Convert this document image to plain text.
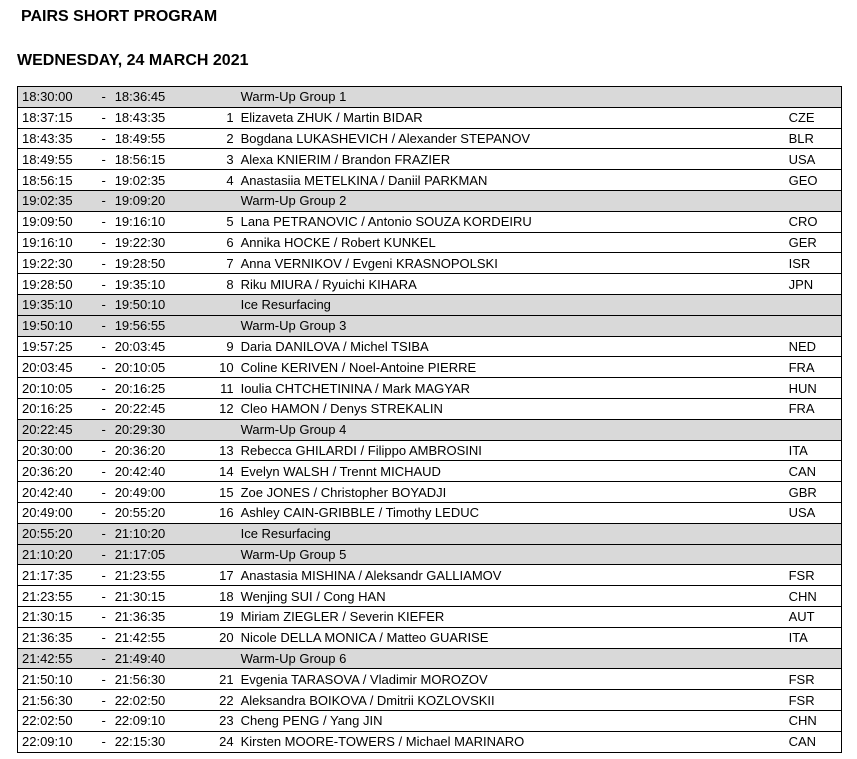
PAIRS SHORT PROGRAM
WEDNESDAY, 24 MARCH 2021
18:30:00	-	18:36:45		Warm-Up Group 1	
18:37:15	-	18:43:35	1	Elizaveta ZHUK / Martin BIDAR	CZE
18:43:35	-	18:49:55	2	Bogdana LUKASHEVICH / Alexander STEPANOV	BLR
18:49:55	-	18:56:15	3	Alexa KNIERIM / Brandon FRAZIER	USA
18:56:15	-	19:02:35	4	Anastasiia METELKINA / Daniil PARKMAN	GEO
19:02:35	-	19:09:20		Warm-Up Group 2	
19:09:50	-	19:16:10	5	Lana PETRANOVIC / Antonio SOUZA KORDEIRU	CRO
19:16:10	-	19:22:30	6	Annika HOCKE / Robert KUNKEL	GER
19:22:30	-	19:28:50	7	Anna VERNIKOV / Evgeni KRASNOPOLSKI	ISR
19:28:50	-	19:35:10	8	Riku MIURA / Ryuichi KIHARA	JPN
19:35:10	-	19:50:10		Ice Resurfacing	
19:50:10	-	19:56:55		Warm-Up Group 3	
19:57:25	-	20:03:45	9	Daria DANILOVA / Michel TSIBA	NED
20:03:45	-	20:10:05	10	Coline KERIVEN / Noel-Antoine PIERRE	FRA
20:10:05	-	20:16:25	11	Ioulia CHTCHETININA / Mark MAGYAR	HUN
20:16:25	-	20:22:45	12	Cleo HAMON / Denys STREKALIN	FRA
20:22:45	-	20:29:30		Warm-Up Group 4	
20:30:00	-	20:36:20	13	Rebecca GHILARDI / Filippo AMBROSINI	ITA
20:36:20	-	20:42:40	14	Evelyn WALSH / Trennt MICHAUD	CAN
20:42:40	-	20:49:00	15	Zoe JONES / Christopher BOYADJI	GBR
20:49:00	-	20:55:20	16	Ashley CAIN-GRIBBLE / Timothy LEDUC	USA
20:55:20	-	21:10:20		Ice Resurfacing	
21:10:20	-	21:17:05		Warm-Up Group 5	
21:17:35	-	21:23:55	17	Anastasia MISHINA / Aleksandr GALLIAMOV	FSR
21:23:55	-	21:30:15	18	Wenjing SUI / Cong HAN	CHN
21:30:15	-	21:36:35	19	Miriam ZIEGLER / Severin KIEFER	AUT
21:36:35	-	21:42:55	20	Nicole DELLA MONICA / Matteo GUARISE	ITA
21:42:55	-	21:49:40		Warm-Up Group 6	
21:50:10	-	21:56:30	21	Evgenia TARASOVA / Vladimir MOROZOV	FSR
21:56:30	-	22:02:50	22	Aleksandra BOIKOVA / Dmitrii KOZLOVSKII	FSR
22:02:50	-	22:09:10	23	Cheng PENG / Yang JIN	CHN
22:09:10	-	22:15:30	24	Kirsten MOORE-TOWERS / Michael MARINARO	CAN
